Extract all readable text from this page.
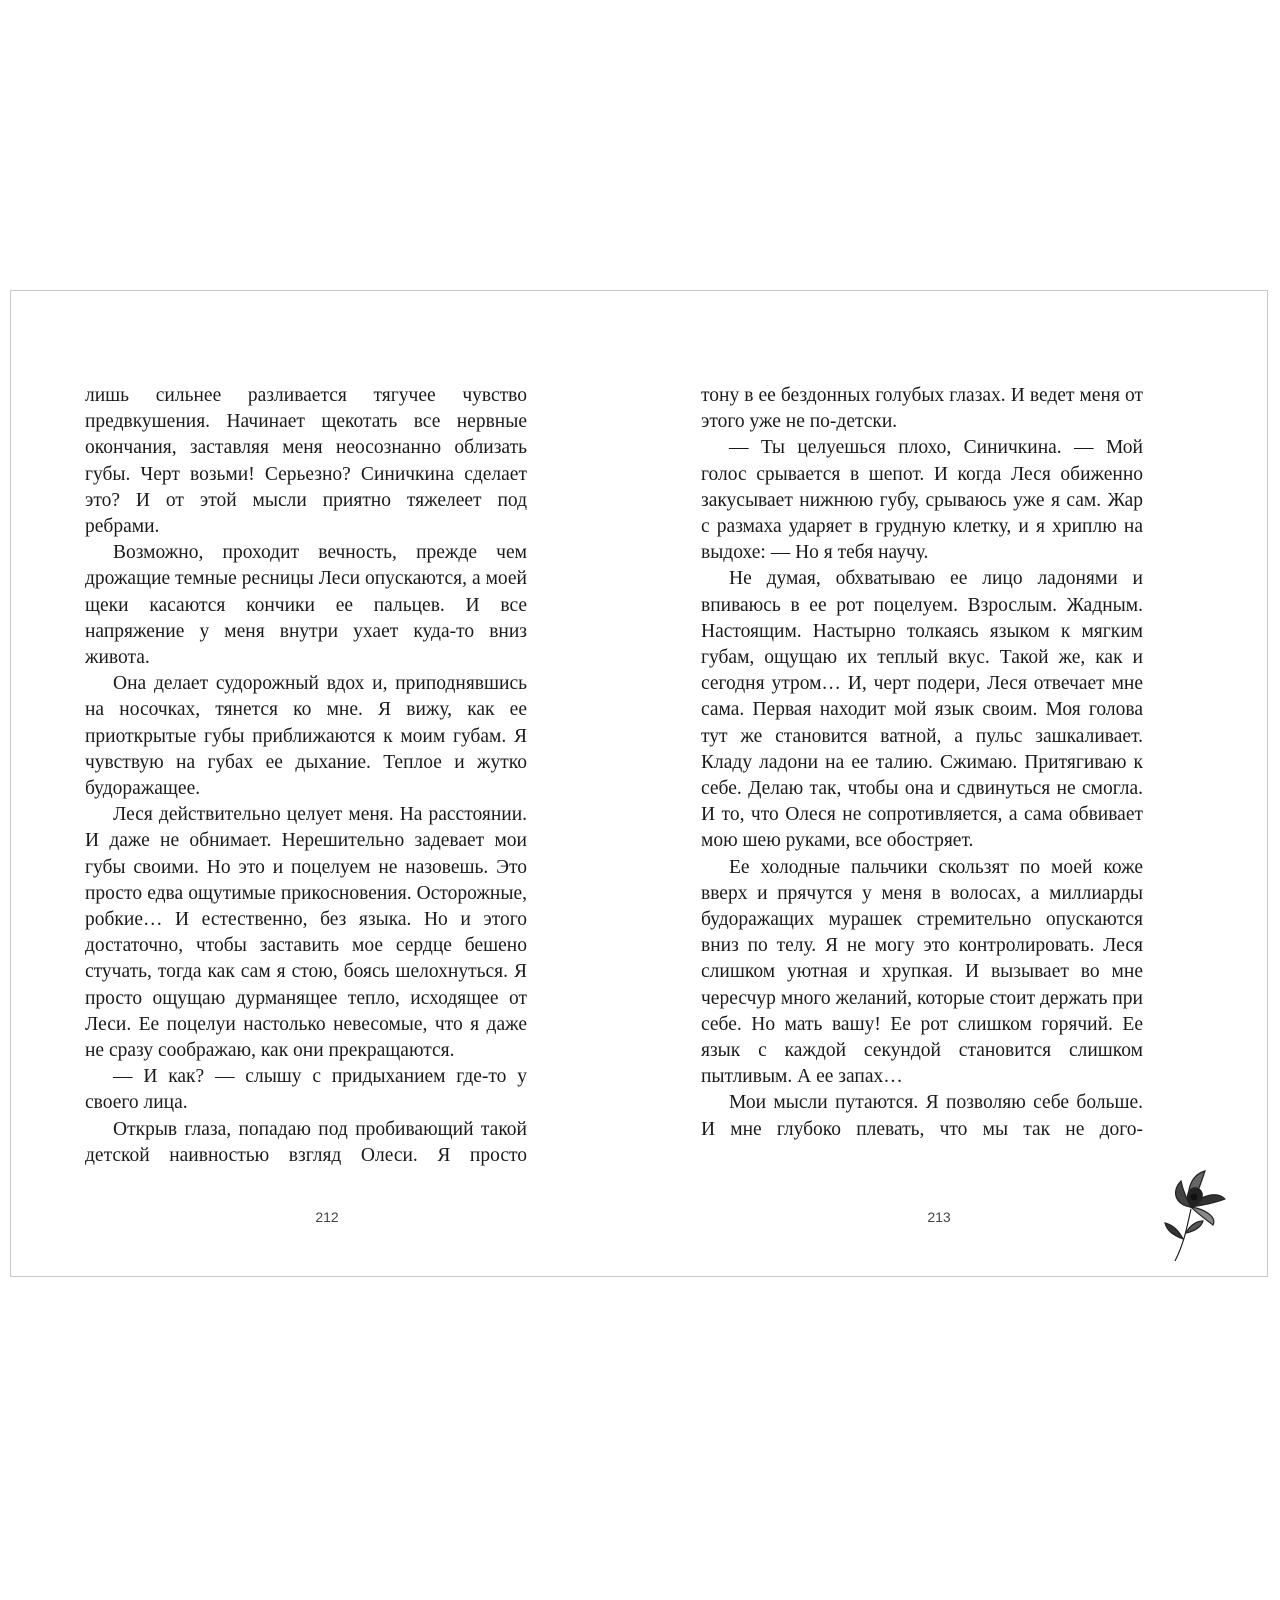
лишь сильнее разливается тягучее чувство предвкушения. Начинает щекотать все нервные окончания, заставляя меня неосознанно облизать губы. Черт возьми! Серьезно? Синичкина сделает это? И от этой мысли приятно тяжелеет под ребрами.

Возможно, проходит вечность, прежде чем дрожащие темные ресницы Леси опускаются, а моей щеки касаются кончики ее пальцев. И все напряжение у меня внутри ухает куда-то вниз живота.

Она делает судорожный вдох и, приподнявшись на носочках, тянется ко мне. Я вижу, как ее приоткрытые губы приближаются к моим губам. Я чувствую на губах ее дыхание. Теплое и жутко будоражащее.

Леся действительно целует меня. На расстоянии. И даже не обнимает. Нерешительно задевает мои губы своими. Но это и поцелуем не назовешь. Это просто едва ощутимые прикосновения. Осторожные, робкие… И естественно, без языка. Но и этого достаточно, чтобы заставить мое сердце бешено стучать, тогда как сам я стою, боясь шелохнуться. Я просто ощущаю дурманящее тепло, исходящее от Леси. Ее поцелуи настолько невесомые, что я даже не сразу соображаю, как они прекращаются.

— И как? — слышу с придыханием где-то у своего лица.

Открыв глаза, попадаю под пробивающий такой детской наивностью взгляд Олеси. Я просто

тону в ее бездонных голубых глазах. И ведет меня от этого уже не по-детски.

— Ты целуешься плохо, Синичкина. — Мой голос срывается в шепот. И когда Леся обиженно закусывает нижнюю губу, срываюсь уже я сам. Жар с размаха ударяет в грудную клетку, и я хриплю на выдохе: — Но я тебя научу.

Не думая, обхватываю ее лицо ладонями и впиваюсь в ее рот поцелуем. Взрослым. Жадным. Настоящим. Настырно толкаясь языком к мягким губам, ощущаю их теплый вкус. Такой же, как и сегодня утром… И, черт подери, Леся отвечает мне сама. Первая находит мой язык своим. Моя голова тут же становится ватной, а пульс зашкаливает. Кладу ладони на ее талию. Сжимаю. Притягиваю к себе. Делаю так, чтобы она и сдвинуться не смогла. И то, что Олеся не сопротивляется, а сама обвивает мою шею руками, все обостряет.

Ее холодные пальчики скользят по моей коже вверх и прячутся у меня в волосах, а миллиарды будоражащих мурашек стремительно опускаются вниз по телу. Я не могу это контролировать. Леся слишком уютная и хрупкая. И вызывает во мне чересчур много желаний, которые стоит держать при себе. Но мать вашу! Ее рот слишком горячий. Ее язык с каждой секундой становится слишком пытливым. А ее запах…

Мои мысли путаются. Я позволяю себе больше. И мне глубоко плевать, что мы так не дого-

212	213
